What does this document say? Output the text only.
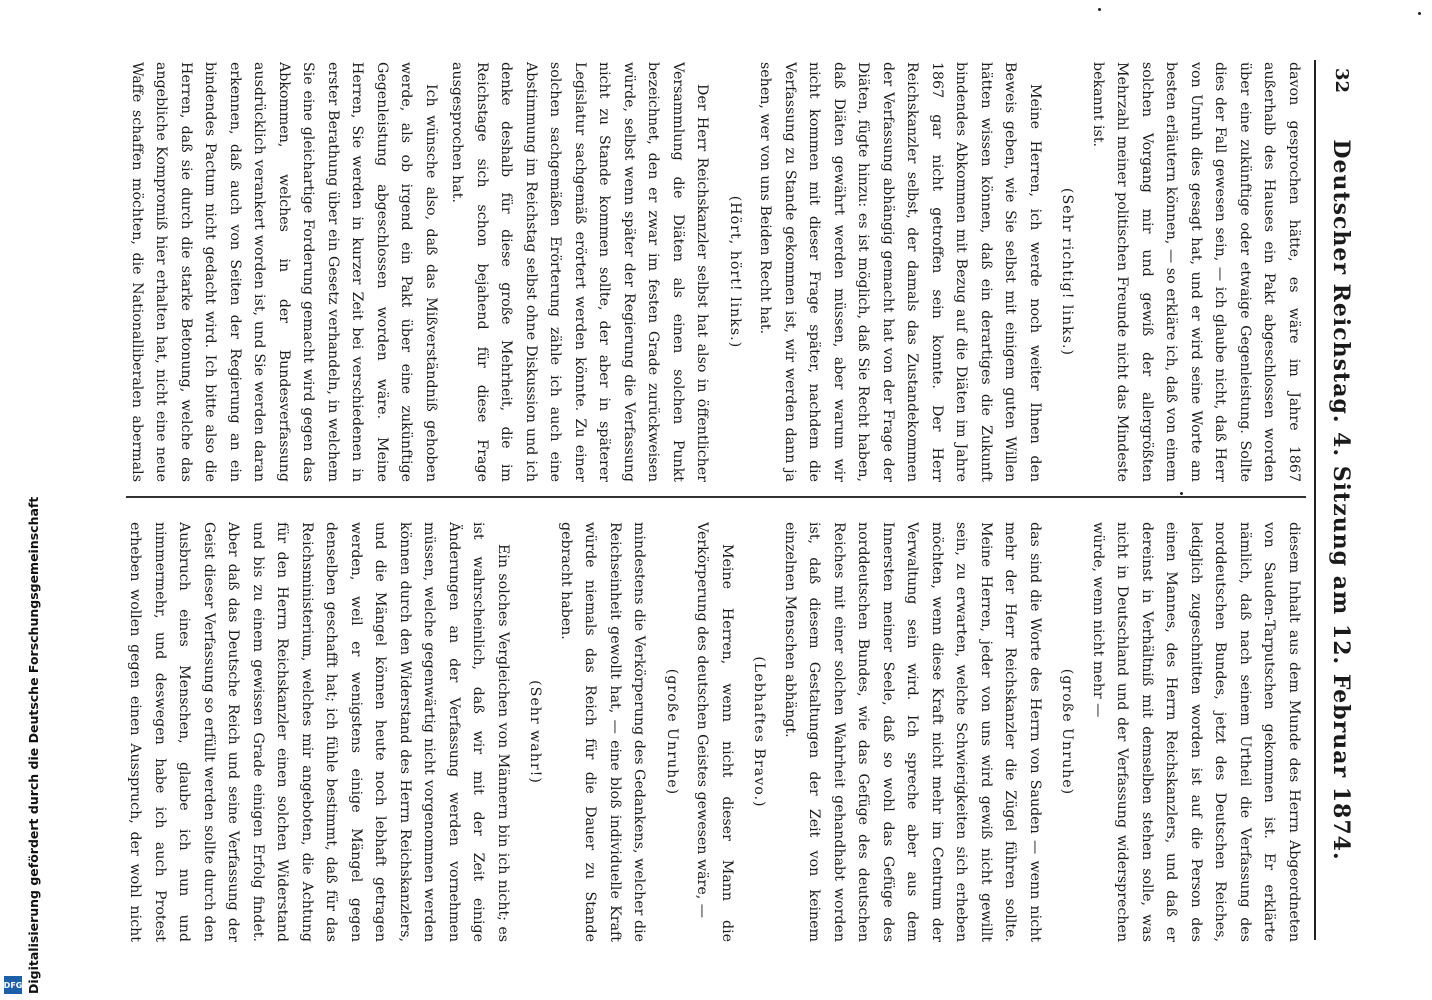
32
Deutscher Reichstag. 4. Sitzung am 12. Februar 1874.

davon gesprochen hätte, es wäre im Jahre 1867 außerhalb des Hauses ein Pakt abgeschlossen worden über eine zukünftige oder etwaige Gegenleistung. Sollte dies der Fall gewesen sein, — ich glaube nicht, daß Herr von Unruh dies gesagt hat, und er wird seine Worte am besten erläutern können, — so erkläre ich, daß von einem solchen Vorgang mir und gewiß der allergrößten Mehrzahl meiner politischen Freunde nicht das Mindeste bekannt ist.

(Sehr richtig! links.)

Meine Herren, ich werde noch weiter Ihnen den Beweis geben, wie Sie selbst mit einigem guten Willen hätten wissen können, daß ein derartiges die Zukunft bindendes Abkommen mit Bezug auf die Diäten im Jahre 1867 gar nicht getroffen sein konnte. Der Herr Reichskanzler selbst, der damals das Zustandekommen der Verfassung abhängig gemacht hat von der Frage der Diäten, fügte hinzu: es ist möglich, daß Sie Recht haben, daß Diäten gewährt werden müssen, aber warum wir nicht kommen mit dieser Frage später, nachdem die Verfassung zu Stande gekommen ist, wir werden dann ja sehen, wer von uns Beiden Recht hat.

(Hört, hört! links.)

Der Herr Reichskanzler selbst hat also in öffentlicher Versammlung die Diäten als einen solchen Punkt bezeichnet, den er zwar im festen Grade zurückweisen würde, selbst wenn später der Regierung die Verfassung nicht zu Stande kommen sollte, der aber in späterer Legislatur sachgemäß erörtert werden könnte. Zu einer solchen sachgemäßen Erörterung zähle ich auch eine Abstimmung im Reichstag selbst ohne Diskussion und ich denke deshalb für diese große Mehrheit, die im Reichstage sich schon bejahend für diese Frage ausgesprochen hat.

Ich wünsche also, daß das Mißverständniß gehoben werde, als ob irgend ein Pakt über eine zukünftige Gegenleistung abgeschlossen worden wäre. Meine Herren, Sie werden in kurzer Zeit bei verschiedenen in erster Berathung über ein Gesetz verhandeln, in welchem Sie eine gleichartige Forderung gemacht wird gegen das Abkommen, welches in der Bundesverfassung ausdrücklich verankert worden ist, und Sie werden daran erkennen, daß auch von Seiten der Regierung an ein bindendes Pactum nicht gedacht wird. Ich bitte also die Herren, daß sie durch die starke Betonung, welche das angebliche Kompromiß hier erhalten hat, nicht eine neue Waffe schaffen möchten, die Nationalliberalen abermals

diesem Inhalt aus dem Munde des Herrn Abgeordneten von Sauden-Tarputschen gekommen ist. Er erklärte nämlich, daß nach seinem Urtheil die Verfassung des norddeutschen Bundes, jetzt des Deutschen Reiches, lediglich zugeschnitten worden ist auf die Person des einen Mannes, des Herrn Reichskanzlers, und daß er dereinst in Verhältniß mit demselben stehen solle, was nicht in Deutschland und der Verfassung widersprechen würde, wenn nicht mehr —

(große Unruhe)

das sind die Worte des Herrn von Sauden — wenn nicht mehr der Herr Reichskanzler die Zügel führen sollte. Meine Herren, jeder von uns wird gewiß nicht gewillt sein, zu erwarten, welche Schwierigkeiten sich erheben möchten, wenn diese Kraft nicht mehr im Centrum der Verwaltung sein wird. Ich spreche aber aus dem Innersten meiner Seele, daß so wohl das Gefüge des norddeutschen Bundes, wie das Gefüge des deutschen Reiches mit einer solchen Wahrheit gehandhabt worden ist, daß diesem Gestaltungen der Zeit von keinem einzelnen Menschen abhängt.

(Lebhaftes Bravo.)

Meine Herren, wenn nicht dieser Mann die Verkörperung des deutschen Geistes gewesen wäre, —

(große Unruhe)

mindestens die Verkörperung des Gedankens, welcher die Reichseinheit gewollt hat, — eine bloß individuelle Kraft würde niemals das Reich für die Dauer zu Stande gebracht haben.

(Sehr wahr!)

Ein solches Vergleichen von Männern bin ich nicht; es ist wahrscheinlich, daß wir mit der Zeit einige Änderungen an der Verfassung werden vornehmen müssen, welche gegenwärtig nicht vorgenommen werden können durch den Widerstand des Herrn Reichskanzlers, und die Mängel können heute noch lebhaft getragen werden, weil er wenigstens einige Mängel gegen denselben geschafft hat; ich fühle bestimmt, daß für das Reichsministerium, welches mir angeboten, die Achtung für den Herrn Reichskanzler einen solchen Widerstand und bis zu einem gewissen Grade einigen Erfolg findet. Aber daß das Deutsche Reich und seine Verfassung der Geist dieser Verfassung so erfüllt werden sollte durch den Ausbruch eines Menschen, glaube ich nun und nimmermehr, und deswegen habe ich auch Protest erheben wollen gegen einen Ausspruch, der wohl nicht

Digitalisierung gefördert durch die Deutsche Forschungsgemeinschaft
DFG
